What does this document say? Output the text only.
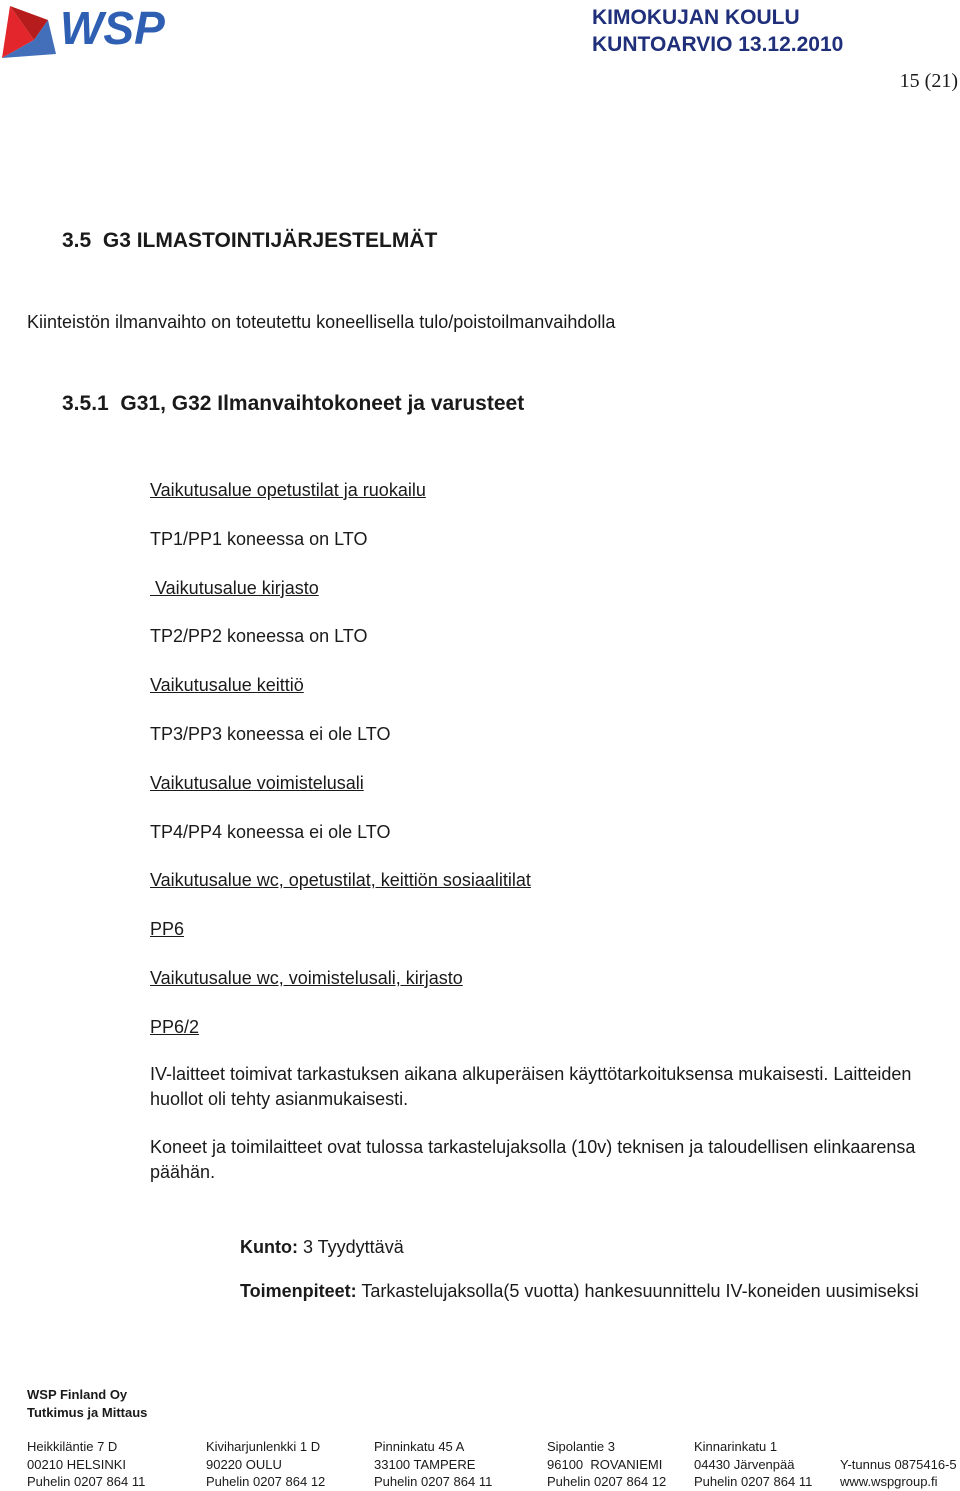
WSP	KIMOKUJAN KOULU
KUNTOARVIO 13.12.2010
15 (21)
3.5  G3 ILMASTOINTIJÄRJESTELMÄT
Kiinteistön ilmanvaihto on toteutettu koneellisella tulo/poistoilmanvaihdolla
3.5.1  G31, G32 Ilmanvaihtokoneet ja varusteet
Vaikutusalue opetustilat ja ruokailu
TP1/PP1 koneessa on LTO
Vaikutusalue kirjasto
TP2/PP2 koneessa on LTO
Vaikutusalue keittiö
TP3/PP3 koneessa ei ole LTO
Vaikutusalue voimistelusali
TP4/PP4 koneessa ei ole LTO
Vaikutusalue wc, opetustilat, keittiön sosiaalitilat
PP6
Vaikutusalue wc, voimistelusali, kirjasto
PP6/2
IV-laitteet toimivat tarkastuksen aikana alkuperäisen käyttötarkoituksensa mukaisesti. Laitteiden huollot oli tehty asianmukaisesti.
Koneet ja toimilaitteet ovat tulossa tarkastelujaksolla (10v) teknisen ja taloudellisen elinkaarensa päähän.
Kunto: 3 Tyydyttävä
Toimenpiteet: Tarkastelujaksolla(5 vuotta) hankesuunnittelu IV-koneiden uusimiseksi
WSP Finland Oy
Tutkimus ja Mittaus
Heikkiläntie 7 D
00210 HELSINKI
Puhelin 0207 864 11
Kiviharjunlenkki 1 D
90220 OULU
Puhelin 0207 864 12
Pinninkatu 45 A
33100 TAMPERE
Puhelin 0207 864 11
Sipolantie 3
96100  ROVANIEMI
Puhelin 0207 864 12
Kinnarinkatu 1
04430 Järvenpää
Puhelin 0207 864 11
Y-tunnus 0875416-5
www.wspgroup.fi
